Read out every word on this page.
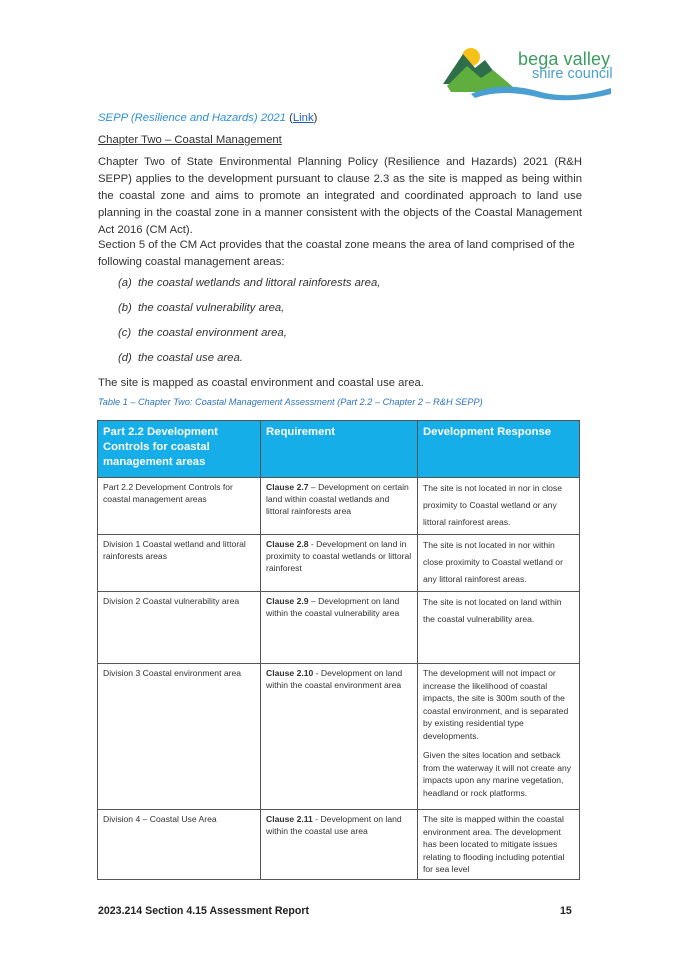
bega valley
shire council
SEPP (Resilience and Hazards) 2021 (Link)
Chapter Two – Coastal Management
Chapter Two of State Environmental Planning Policy (Resilience and Hazards) 2021 (R&H SEPP) applies to the development pursuant to clause 2.3 as the site is mapped as being within the coastal zone and aims to promote an integrated and coordinated approach to land use planning in the coastal zone in a manner consistent with the objects of the Coastal Management Act 2016 (CM Act).
Section 5 of the CM Act provides that the coastal zone means the area of land comprised of the following coastal management areas:
(a) the coastal wetlands and littoral rainforests area,
(b) the coastal vulnerability area,
(c) the coastal environment area,
(d) the coastal use area.
The site is mapped as coastal environment and coastal use area.
Table 1 – Chapter Two: Coastal Management Assessment (Part 2.2 – Chapter 2 – R&H SEPP)
Part 2.2 Development Controls for coastal management areas	Requirement	Development Response
Part 2.2 Development Controls for coastal management areas	Clause 2.7 – Development on certain land within coastal wetlands and littoral rainforests area	The site is not located in nor in close proximity to Coastal wetland or any littoral rainforest areas.

Division 1 Coastal wetland and littoral rainforests areas	Clause 2.8 - Development on land in proximity to coastal wetlands or littoral rainforest	The site is not located in nor within close proximity to Coastal wetland or any littoral rainforest areas.

Division 2 Coastal vulnerability area	Clause 2.9 – Development on land within the coastal vulnerability area	The site is not located on land within the coastal vulnerability area.

Division 3 Coastal environment area	Clause 2.10 - Development on land within the coastal environment area	The development will not impact or increase the likelihood of coastal impacts, the site is 300m south of the coastal environment, and is separated by existing residential type developments.

Given the sites location and setback from the waterway it will not create any impacts upon any marine vegetation, headland or rock platforms.

Division 4 – Coastal Use Area	Clause 2.11 - Development on land within the coastal use area	The site is mapped within the coastal environment area. The development has been located to mitigate issues relating to flooding including potential for sea level

2023.214 Section 4.15 Assessment Report	15
